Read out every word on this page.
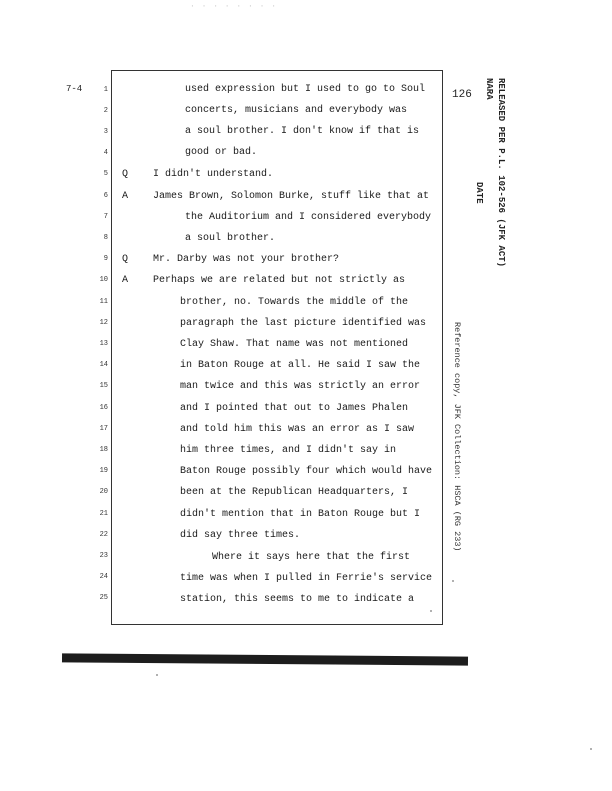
· · · · · · · ·
7-4	126
1
2
3
4
5
6
7
8
9
10
11
12
13
14
15
16
17
18
19
20
21
22
23
24
25
Q
A
Q
A
used expression but I used to go to Soul
concerts, musicians and everybody was
a soul brother. I don't know if that is
good or bad.
I didn't understand.
James Brown, Solomon Burke, stuff like that at
the Auditorium and I considered everybody
a soul brother.
Mr. Darby was not your brother?
Perhaps we are related but not strictly as
brother, no. Towards the middle of the
paragraph the last picture identified was
Clay Shaw. That name was not mentioned
in Baton Rouge at all. He said I saw the
man twice and this was strictly an error
and I pointed that out to James Phalen
and told him this was an error as I saw
him three times, and I didn't say in
Baton Rouge possibly four which would have
been at the Republican Headquarters, I
didn't mention that in Baton Rouge but I
did say three times.
Where it says here that the first
time was when I pulled in Ferrie's service
station, this seems to me to indicate a
RELEASED PER P.L. 102-526 (JFK ACT)
NARA
DATE
Reference copy, JFK Collection: HSCA (RG 233)
